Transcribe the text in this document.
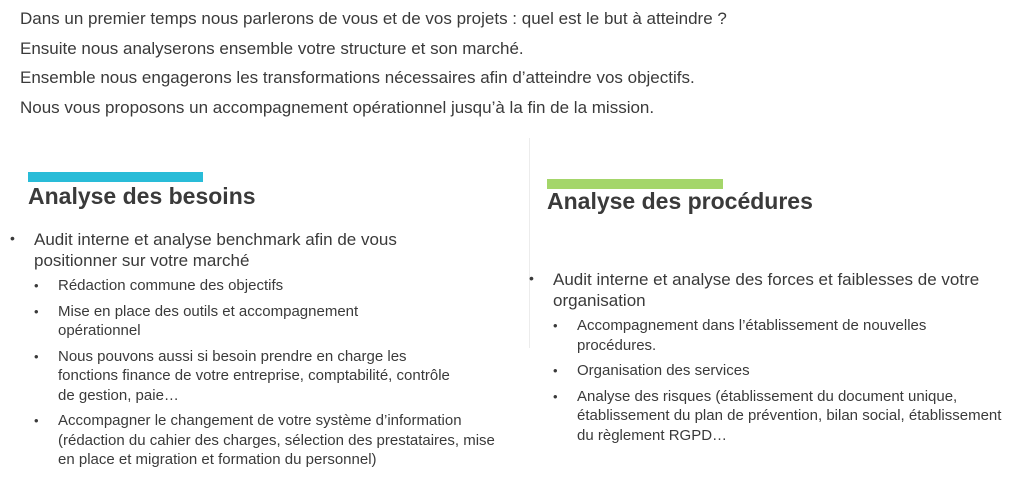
Dans un premier temps nous parlerons de vous et de vos projets : quel est le but à atteindre ?

Ensuite nous analyserons ensemble votre structure et son marché.

Ensemble nous engagerons les transformations nécessaires afin d’atteindre vos objectifs.

Nous vous proposons un accompagnement opérationnel jusqu’à la fin de la mission.

Analyse des besoins
• Audit interne et analyse benchmark afin de vous positionner sur votre marché
• Rédaction commune des objectifs
• Mise en place des outils et accompagnement opérationnel
• Nous pouvons aussi si besoin prendre en charge les fonctions finance de votre entreprise, comptabilité, contrôle de gestion, paie…
• Accompagner le changement de votre système d’information (rédaction du cahier des charges, sélection des prestataires, mise en place et migration et formation du personnel)
Analyse des procédures
• Audit interne et analyse des forces et faiblesses de votre organisation
• Accompagnement dans l’établissement de nouvelles procédures.
• Organisation des services
• Analyse des risques (établissement du document unique, établissement du plan de prévention, bilan social, établissement du règlement RGPD…
